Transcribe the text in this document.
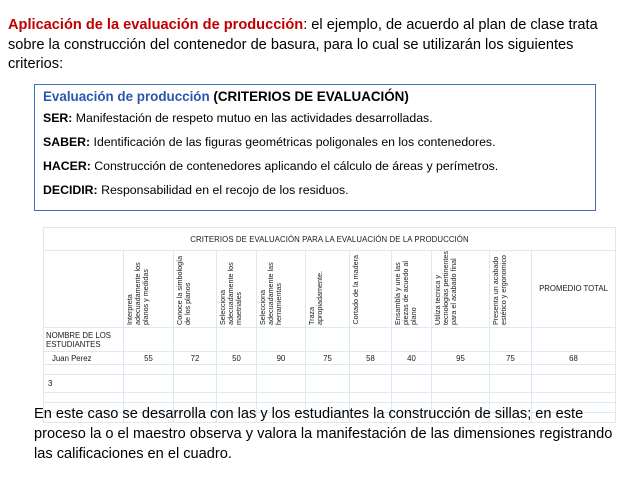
Aplicación de la evaluación de producción: el ejemplo, de acuerdo al plan de clase trata sobre la construcción del contenedor de basura, para lo cual se utilizarán los siguientes criterios:
Evaluación de producción (CRITERIOS DE EVALUACIÓN)
SER: Manifestación de respeto mutuo en las actividades desarrolladas.
SABER: Identificación de las figuras geométricas poligonales en los contenedores.
HACER: Construcción de contenedores aplicando el cálculo de áreas y perímetros.
DECIDIR: Responsabilidad en el recojo de los residuos.
CRITERIOS DE EVALUACIÓN PARA LA EVALUACIÓN DE LA PRODUCCIÓN										
	Interpreta adecuadamente los planos y medidas	Conoce la simbología de los planos	Selecciona adecuadamente los maetriales	Selecciona adecuadamente las herramientas	Traza apropiadamente.	Cortado de la madera	Ensambla y une las piezas de acuedo al plano	Utiliza tecnica y tecnologias pertinentes para el acabado final	Presenta un acabado estético y ergonomico	PROMEDIO TOTAL
NOMBRE DE LOS ESTUDIANTES										
Juan Perez	55	72	50	90	75	58	40	95	75	68

3										

En este caso se desarrolla con las y los estudiantes la construcción de sillas; en este proceso la o el maestro observa y valora la manifestación de las dimensiones registrando las calificaciones en el cuadro.
